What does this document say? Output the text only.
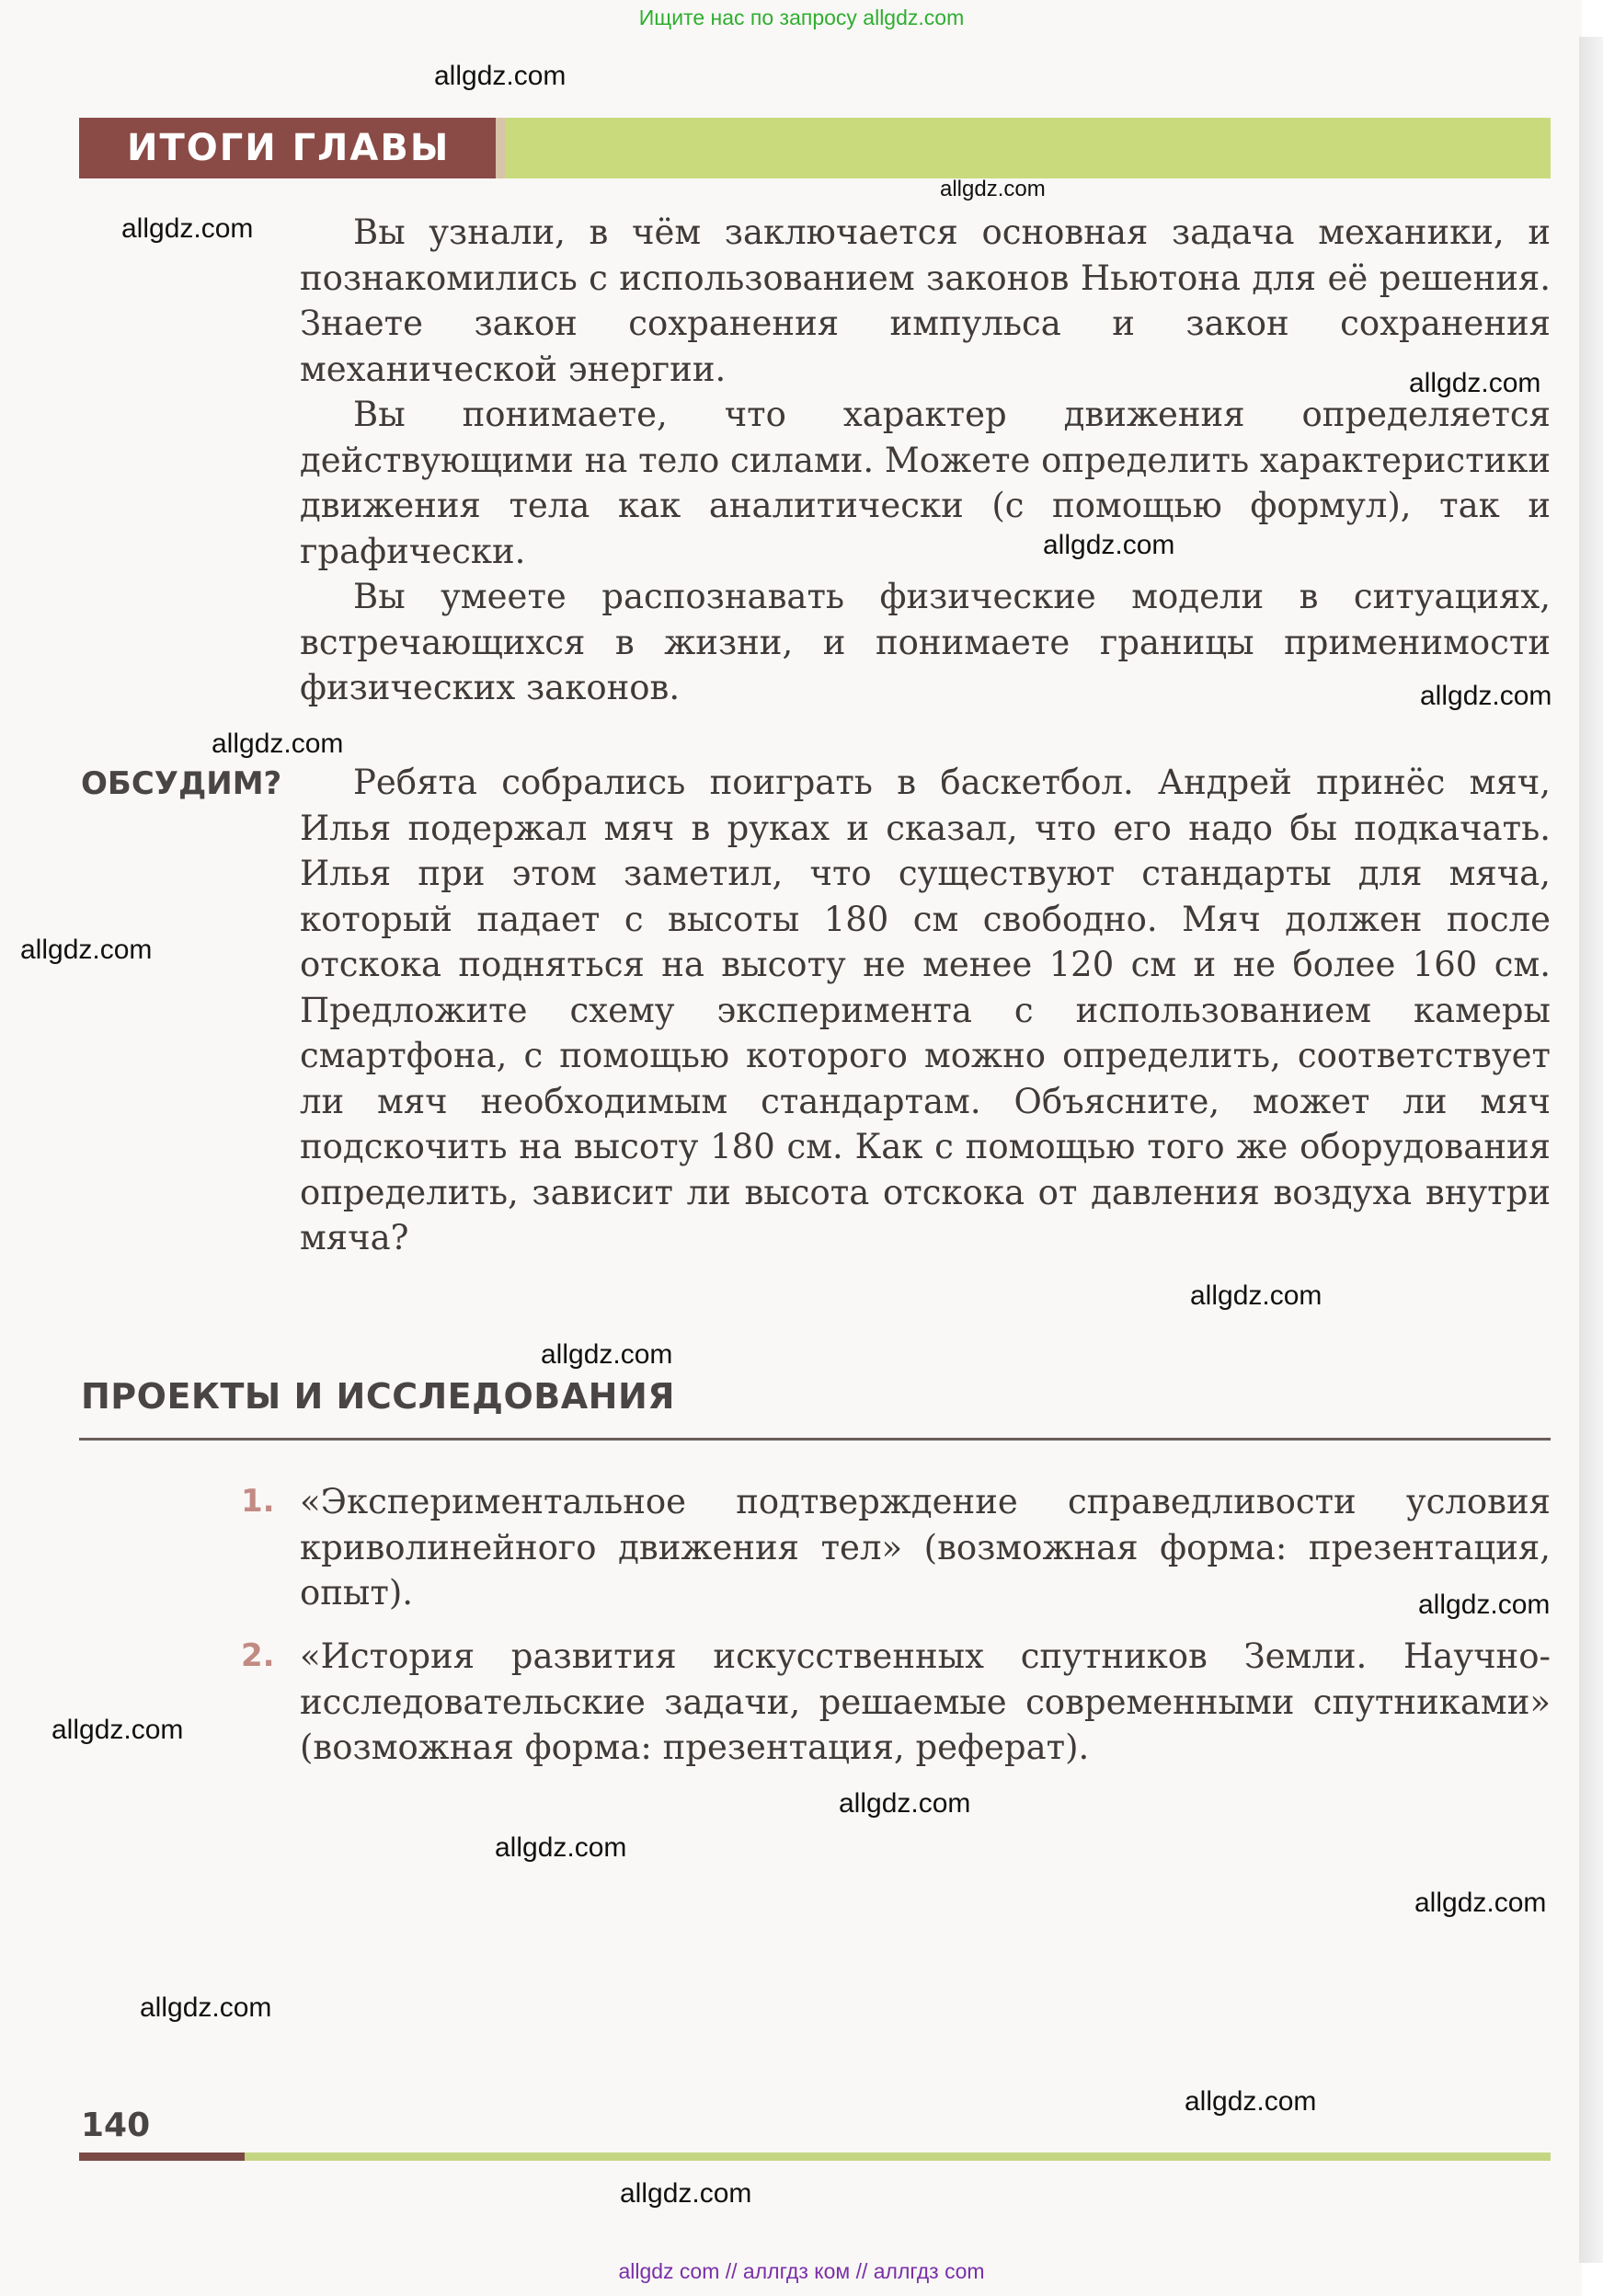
Ищите нас по запросу allgdz.com
ИТОГИ ГЛАВЫ

Вы узнали, в чём заключается основная задача механики, и познакомились с использованием законов Ньютона для её решения. Знаете закон сохранения импульса и закон сохранения механической энергии.

Вы понимаете, что характер движения определяется действующими на тело силами. Можете определить характеристики движения тела как аналитически (с помощью формул), так и графически.

Вы умеете распознавать физические модели в ситуациях, встречающихся в жизни, и понимаете границы применимости физических законов.

ОБСУДИМ?	Ребята собрались поиграть в баскетбол. Андрей принёс мяч, Илья подержал мяч в руках и сказал, что его надо бы подкачать. Илья при этом заметил, что существуют стандарты для мяча, который падает с высоты 180 см свободно. Мяч должен после отскока подняться на высоту не менее 120 см и не более 160 см. Предложите схему эксперимента с использованием камеры смартфона, с помощью которого можно определить, соответствует ли мяч необходимым стандартам. Объясните, может ли мяч подскочить на высоту 180 см. Как с помощью того же оборудования определить, зависит ли высота отскока от давления воздуха внутри мяча?

ПРОЕКТЫ И ИССЛЕДОВАНИЯ
1. «Экспериментальное подтверждение справедливости условия криволинейного движения тел» (возможная форма: презентация, опыт).
2. «История развития искусственных спутников Земли. Научно-исследовательские задачи, решаемые современными спутниками» (возможная форма: презентация, реферат).
140
allgdz.com
allgdz.com
allgdz.com
allgdz.com
allgdz.com
allgdz.com
allgdz.com
allgdz.com
allgdz.com
allgdz.com
allgdz.com
allgdz.com
allgdz.com
allgdz.com
allgdz.com
allgdz.com
allgdz.com
allgdz.com
allgdz com // аллгдз ком // аллгдз com
